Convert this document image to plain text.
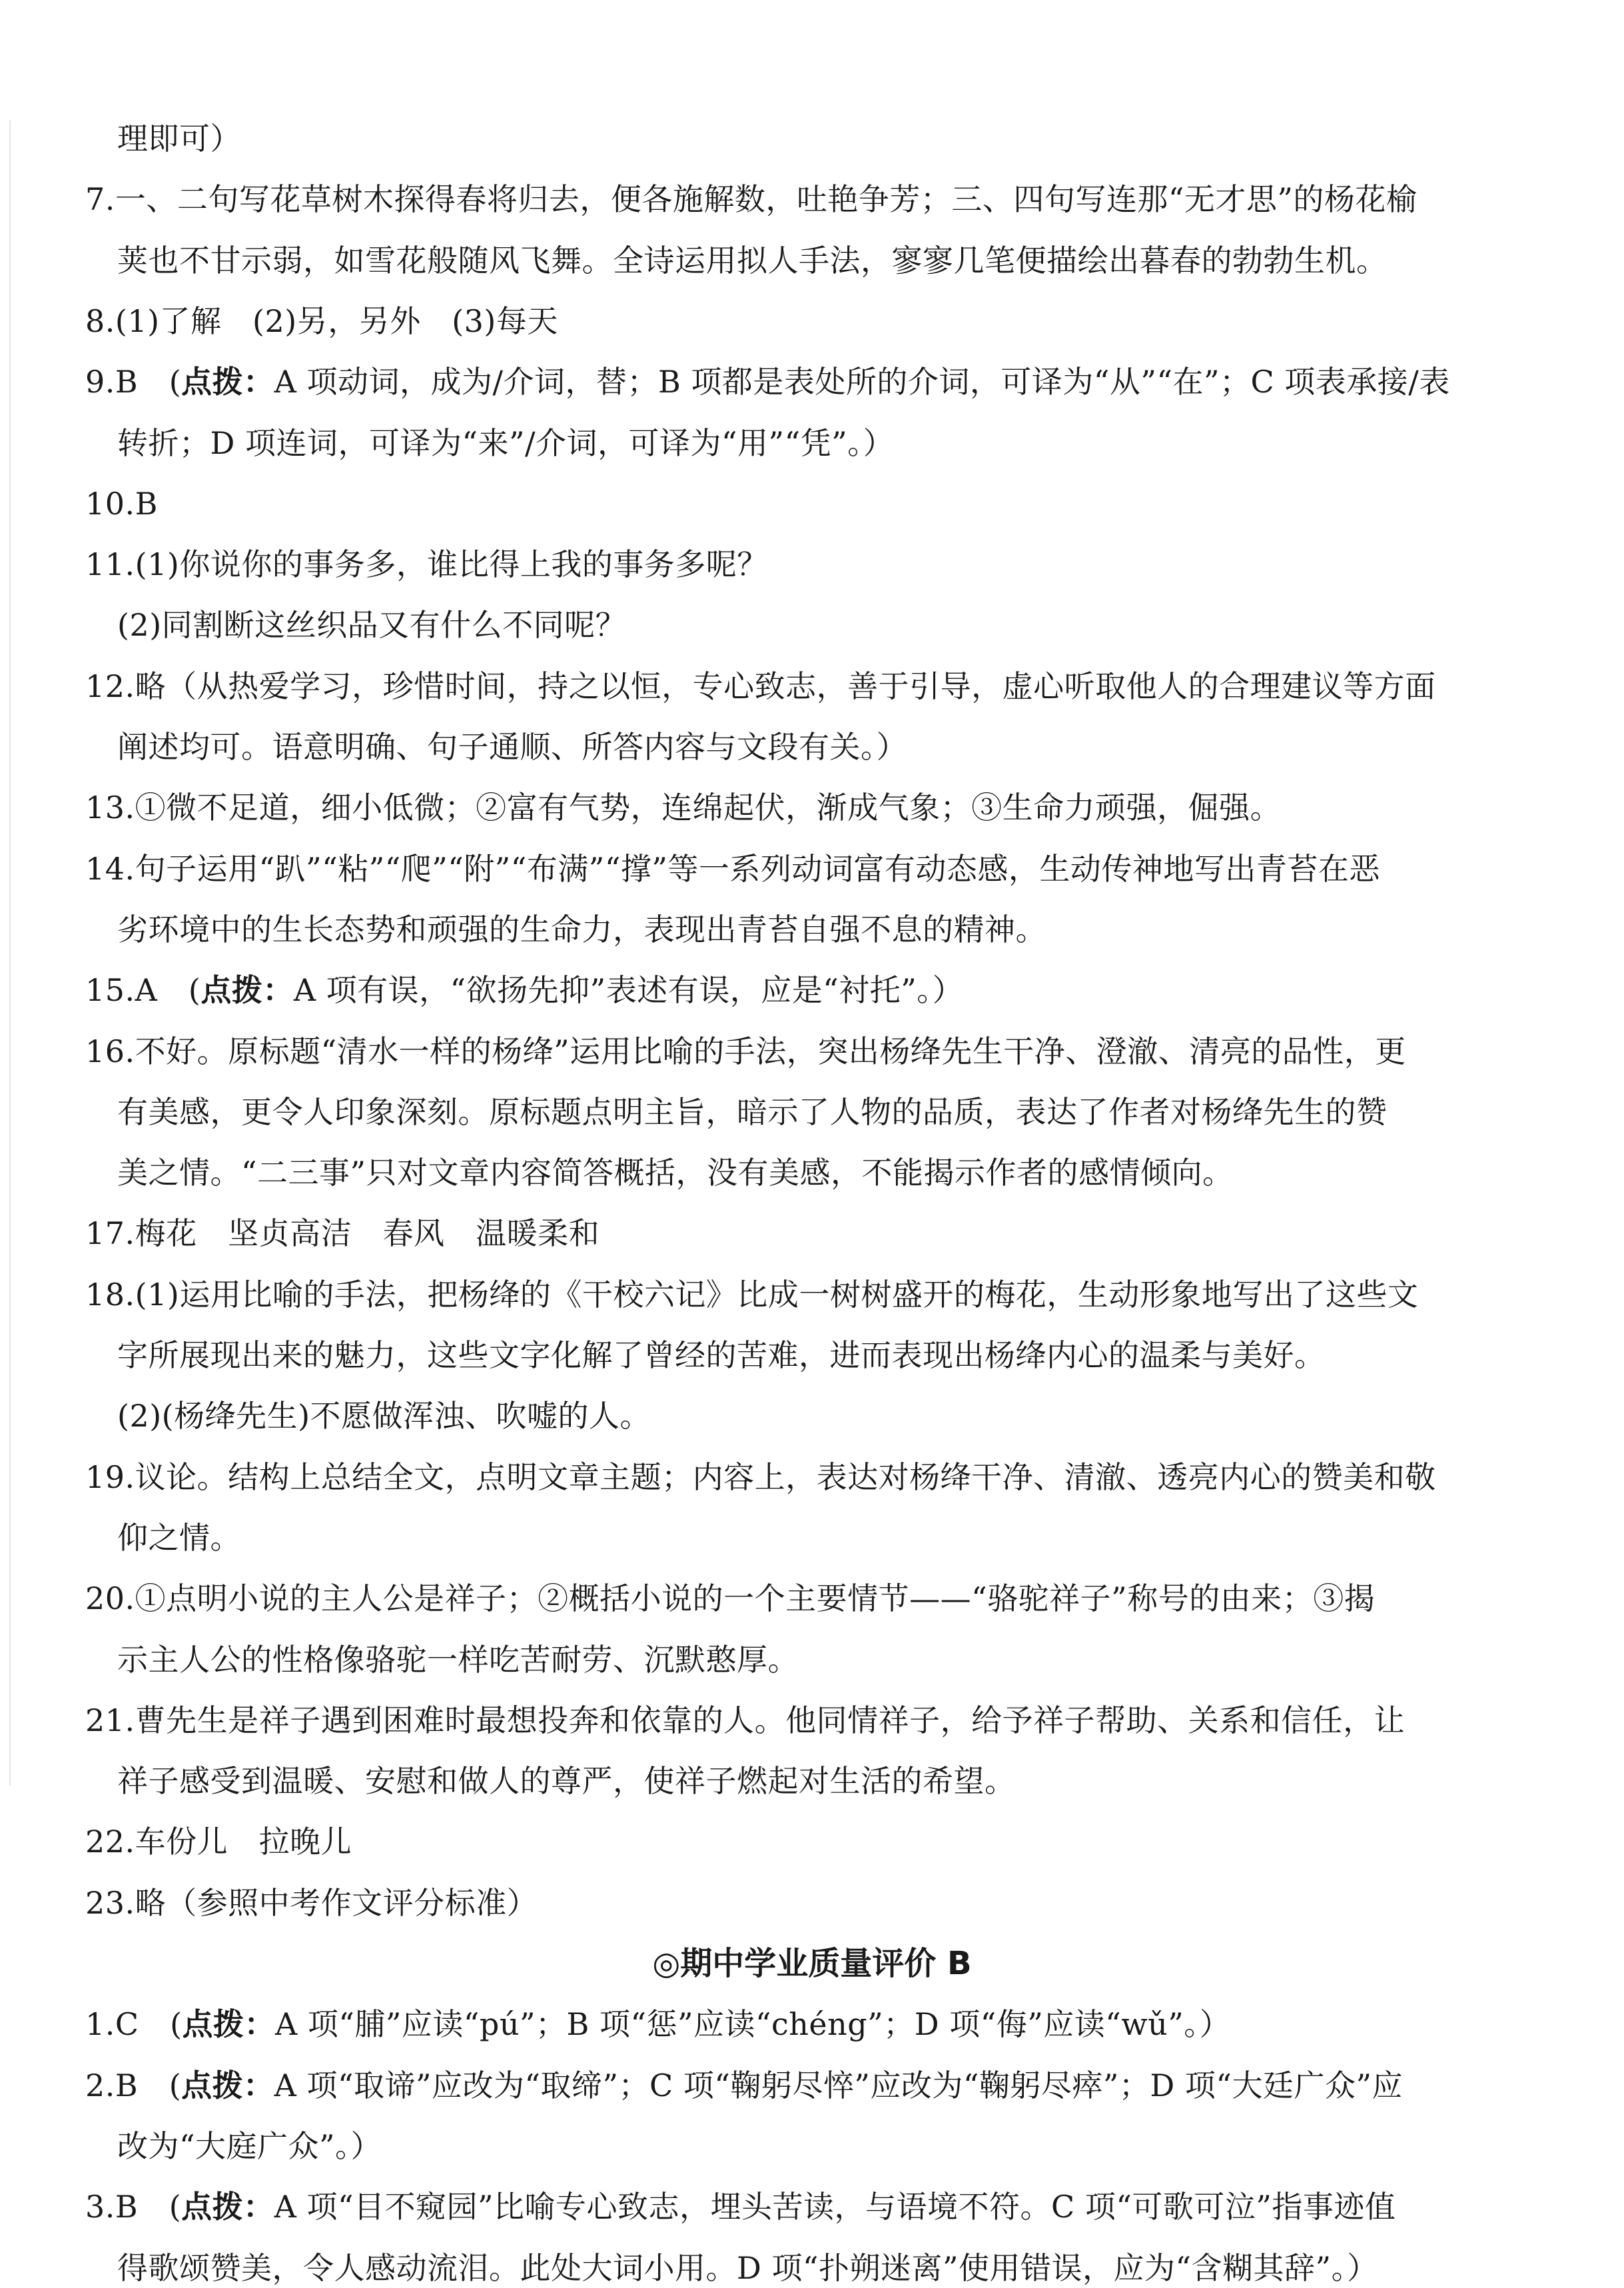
理即可）
7.一、二句写花草树木探得春将归去，便各施解数，吐艳争芳；三、四句写连那“无才思”的杨花榆
荚也不甘示弱，如雪花般随风飞舞。全诗运用拟人手法，寥寥几笔便描绘出暮春的勃勃生机。
8.(1)了解　(2)另，另外　(3)每天
9.B　(点拨：A 项动词，成为/介词，替；B 项都是表处所的介词，可译为“从”“在”；C 项表承接/表
转折；D 项连词，可译为“来”/介词，可译为“用”“凭”。）
10.B
11.(1)你说你的事务多，谁比得上我的事务多呢？
(2)同割断这丝织品又有什么不同呢？
12.略（从热爱学习，珍惜时间，持之以恒，专心致志，善于引导，虚心听取他人的合理建议等方面
阐述均可。语意明确、句子通顺、所答内容与文段有关。）
13.①微不足道，细小低微；②富有气势，连绵起伏，渐成气象；③生命力顽强，倔强。
14.句子运用“趴”“粘”“爬”“附”“布满”“撑”等一系列动词富有动态感，生动传神地写出青苔在恶
劣环境中的生长态势和顽强的生命力，表现出青苔自强不息的精神。
15.A　(点拨：A 项有误，“欲扬先抑”表述有误，应是“衬托”。）
16.不好。原标题“清水一样的杨绛”运用比喻的手法，突出杨绛先生干净、澄澈、清亮的品性，更
有美感，更令人印象深刻。原标题点明主旨，暗示了人物的品质，表达了作者对杨绛先生的赞
美之情。“二三事”只对文章内容简答概括，没有美感，不能揭示作者的感情倾向。
17.梅花　坚贞高洁　春风　温暖柔和
18.(1)运用比喻的手法，把杨绛的《干校六记》比成一树树盛开的梅花，生动形象地写出了这些文
字所展现出来的魅力，这些文字化解了曾经的苦难，进而表现出杨绛内心的温柔与美好。
(2)(杨绛先生)不愿做浑浊、吹嘘的人。
19.议论。结构上总结全文，点明文章主题；内容上，表达对杨绛干净、清澈、透亮内心的赞美和敬
仰之情。
20.①点明小说的主人公是祥子；②概括小说的一个主要情节——“骆驼祥子”称号的由来；③揭
示主人公的性格像骆驼一样吃苦耐劳、沉默憨厚。
21.曹先生是祥子遇到困难时最想投奔和依靠的人。他同情祥子，给予祥子帮助、关系和信任，让
祥子感受到温暖、安慰和做人的尊严，使祥子燃起对生活的希望。
22.车份儿　拉晚儿
23.略（参照中考作文评分标准）
◎期中学业质量评价 B
1.C　(点拨：A 项“脯”应读“pú”；B 项“惩”应读“chéng”；D 项“侮”应读“wǔ”。）
2.B　(点拨：A 项“取谛”应改为“取缔”；C 项“鞠躬尽悴”应改为“鞠躬尽瘁”；D 项“大廷广众”应
改为“大庭广众”。）
3.B　(点拨：A 项“目不窥园”比喻专心致志，埋头苦读，与语境不符。C 项“可歌可泣”指事迹值
得歌颂赞美，令人感动流泪。此处大词小用。D 项“扑朔迷离”使用错误，应为“含糊其辞”。）
